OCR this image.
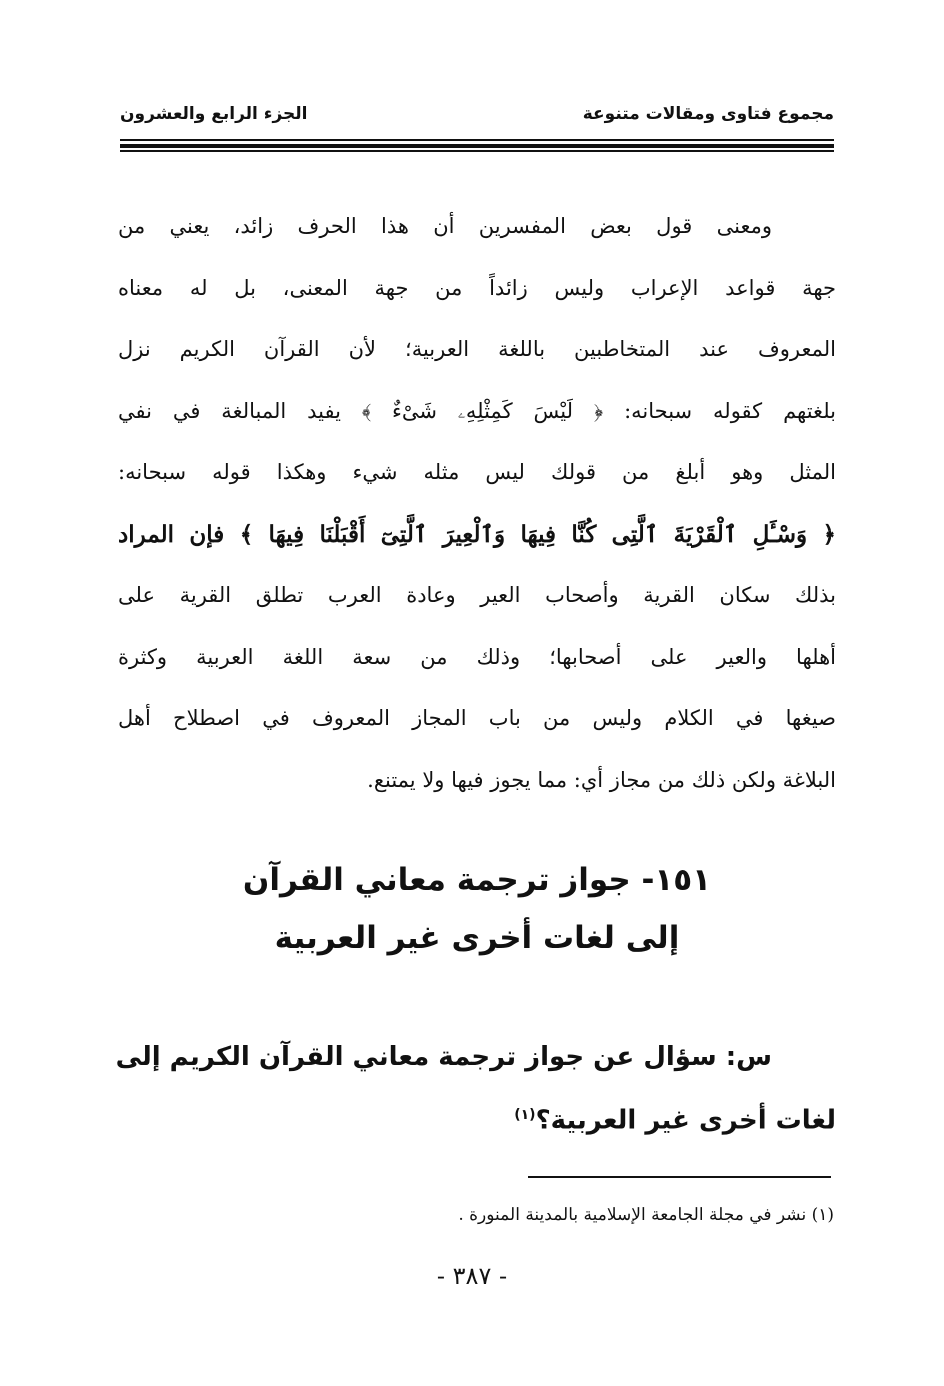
مجموع فتاوى ومقالات متنوعة
الجزء الرابع والعشرون
ومعنى قول بعض المفسرين أن هذا الحرف زائد، يعني من
جهة قواعد الإعراب وليس زائداً من جهة المعنى، بل له معناه
المعروف عند المتخاطبين باللغة العربية؛ لأن القرآن الكريم نزل
بلغتهم كقوله سبحانه: ﴿ لَيْسَ كَمِثْلِهِۦ شَىْءٌ ﴾ يفيد المبالغة في نفي
المثل وهو أبلغ من قولك ليس مثله شيء وهكذا قوله سبحانه:
﴿ وَسْـَٔلِ ٱلْقَرْيَةَ ٱلَّتِى كُنَّا فِيهَا وَٱلْعِيرَ ٱلَّتِىٓ أَقْبَلْنَا فِيهَا ﴾ فإن المراد
بذلك سكان القرية وأصحاب العير وعادة العرب تطلق القرية على
أهلها والعير على أصحابها؛ وذلك من سعة اللغة العربية وكثرة
صيغها في الكلام وليس من باب المجاز المعروف في اصطلاح أهل
البلاغة ولكن ذلك من مجاز أي: مما يجوز فيها ولا يمتنع.
١٥١- جواز ترجمة معاني القرآن
إلى لغات أخرى غير العربية
س: سؤال عن جواز ترجمة معاني القرآن الكريم إلى
لغات أخرى غير العربية؟$^{(١)}$
(١) نشر في مجلة الجامعة الإسلامية بالمدينة المنورة .
- ٣٨٧ -
